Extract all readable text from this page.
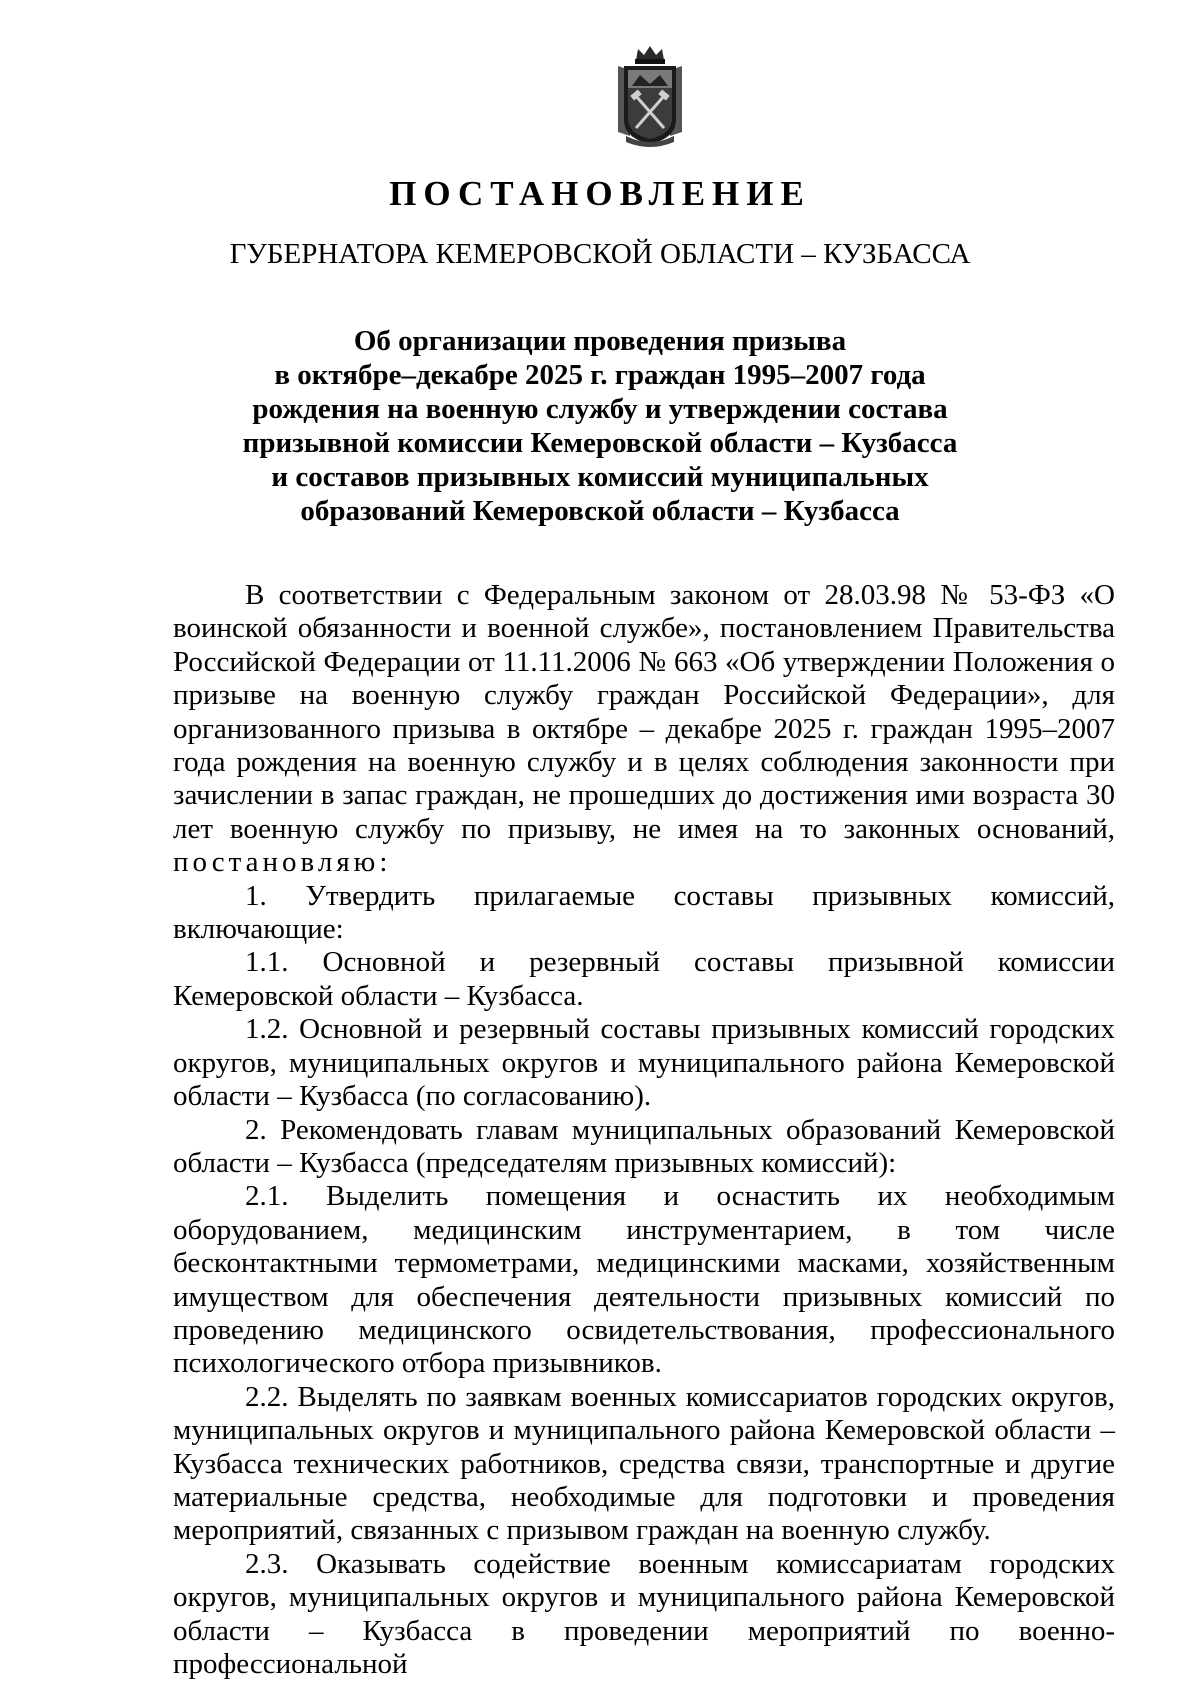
ПОСТАНОВЛЕНИЕ
ГУБЕРНАТОРА КЕМЕРОВСКОЙ ОБЛАСТИ – КУЗБАССА
Об организации проведения призыва
в октябре–декабре 2025 г. граждан 1995–2007 года
рождения на военную службу и утверждении состава
призывной комиссии Кемеровской области – Кузбасса
и составов призывных комиссий муниципальных
образований Кемеровской области – Кузбасса

В соответствии с Федеральным законом от 28.03.98 № 53-ФЗ «О воинской обязанности и военной службе», постановлением Правительства Российской Федерации от 11.11.2006 № 663 «Об утверждении Положения о призыве на военную службу граждан Российской Федерации», для организованного призыва в октябре – декабре 2025 г. граждан 1995–2007 года рождения на военную службу и в целях соблюдения законности при зачислении в запас граждан, не прошедших до достижения ими возраста 30 лет военную службу по призыву, не имея на то законных оснований,

постановляю:

1. Утвердить прилагаемые составы призывных комиссий, включающие:

1.1. Основной и резервный составы призывной комиссии Кемеровской области – Кузбасса.

1.2. Основной и резервный составы призывных комиссий городских округов, муниципальных округов и муниципального района Кемеровской области – Кузбасса (по согласованию).

2. Рекомендовать главам муниципальных образований Кемеровской области – Кузбасса (председателям призывных комиссий):

2.1. Выделить помещения и оснастить их необходимым оборудованием, медицинским инструментарием, в том числе бесконтактными термометрами, медицинскими масками, хозяйственным имуществом для обеспечения деятельности призывных комиссий по проведению медицинского освидетельствования, профессионального психологического отбора призывников.

2.2. Выделять по заявкам военных комиссариатов городских округов, муниципальных округов и муниципального района Кемеровской области – Кузбасса технических работников, средства связи, транспортные и другие материальные средства, необходимые для подготовки и проведения мероприятий, связанных с призывом граждан на военную службу.

2.3. Оказывать содействие военным комиссариатам городских округов, муниципальных округов и муниципального района Кемеровской области – Кузбасса в проведении мероприятий по военно-профессиональной
